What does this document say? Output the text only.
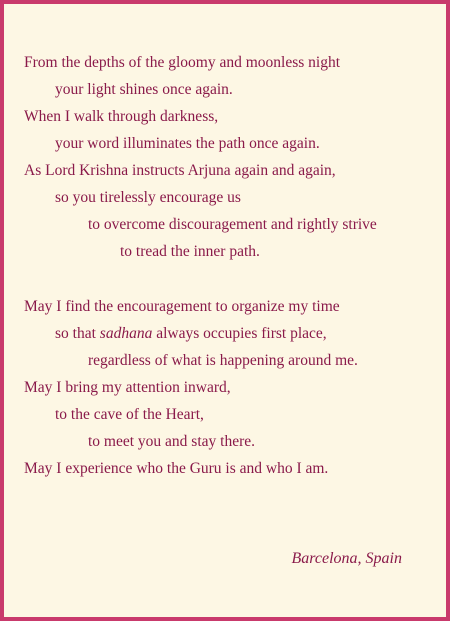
From the depths of the gloomy and moonless night
your light shines once again.
When I walk through darkness,
your word illuminates the path once again.
As Lord Krishna instructs Arjuna again and again,
so you tirelessly encourage us
to overcome discouragement and rightly strive
to tread the inner path.
May I find the encouragement to organize my time
so that sadhana always occupies first place,
regardless of what is happening around me.
May I bring my attention inward,
to the cave of the Heart,
to meet you and stay there.
May I experience who the Guru is and who I am.
Barcelona, Spain
